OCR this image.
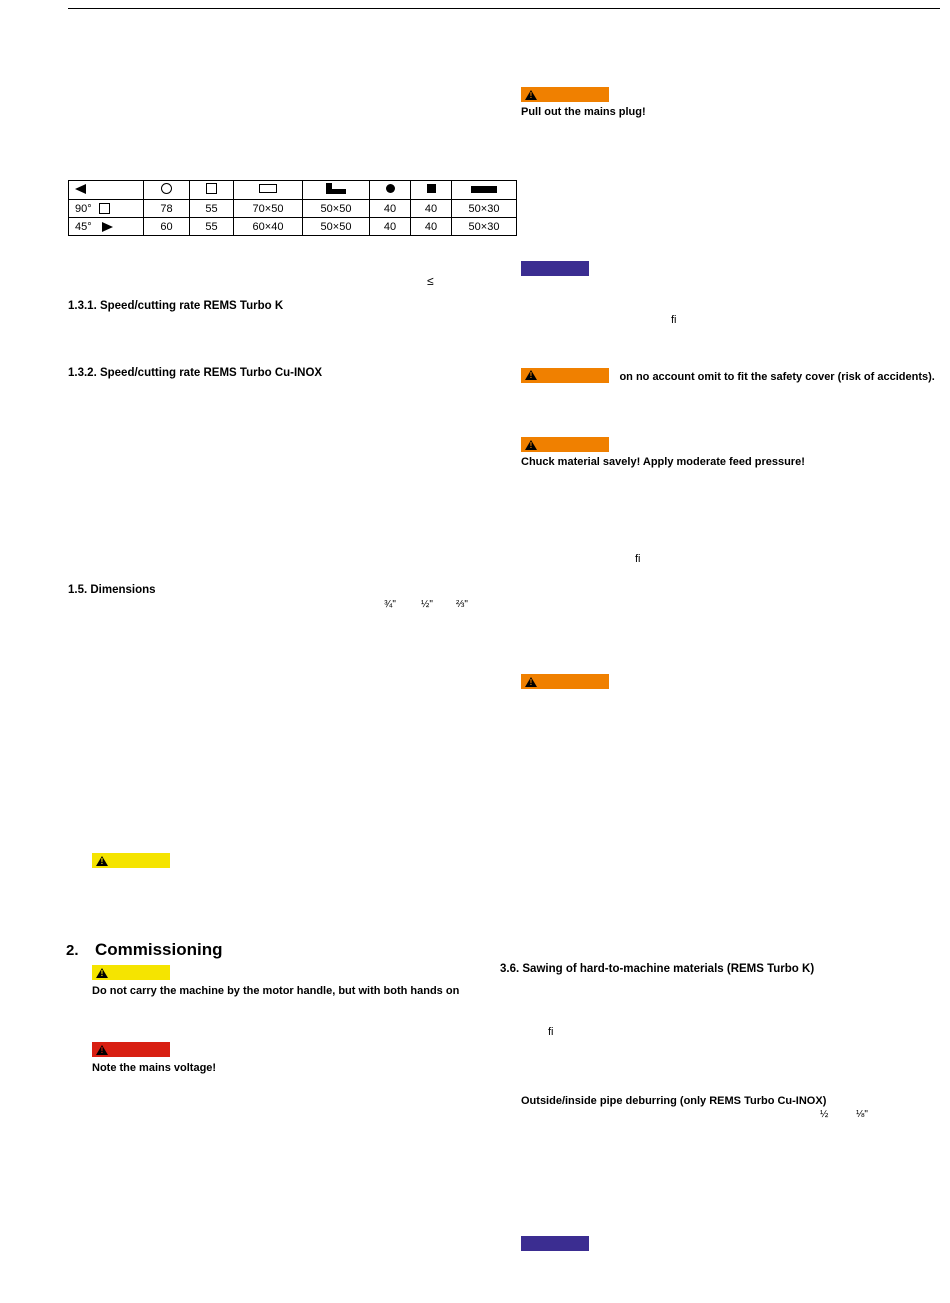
90°	78	55	70×50	50×50	40	40	50×30
45°	60	55	60×40	50×50	40	40	50×30
≤
1.3.1. Speed/cutting rate REMS Turbo K
1.3.2. Speed/cutting rate REMS Turbo Cu-INOX
1.5. Dimensions
¾"	½" ⅔"
!
2. Commissioning
!
Do not carry the machine by the motor handle, but with both hands on
!
Note the mains voltage!
!
Pull out the mains plug!
fi
!
on no account omit to fit the safety cover (risk of accidents).
!
Chuck material savely! Apply moderate feed pressure!
fi
!
3.6. Sawing of hard-to-machine materials (REMS Turbo K)
fi
Outside/inside pipe deburring (only REMS Turbo Cu-INOX)
½	⅛"
